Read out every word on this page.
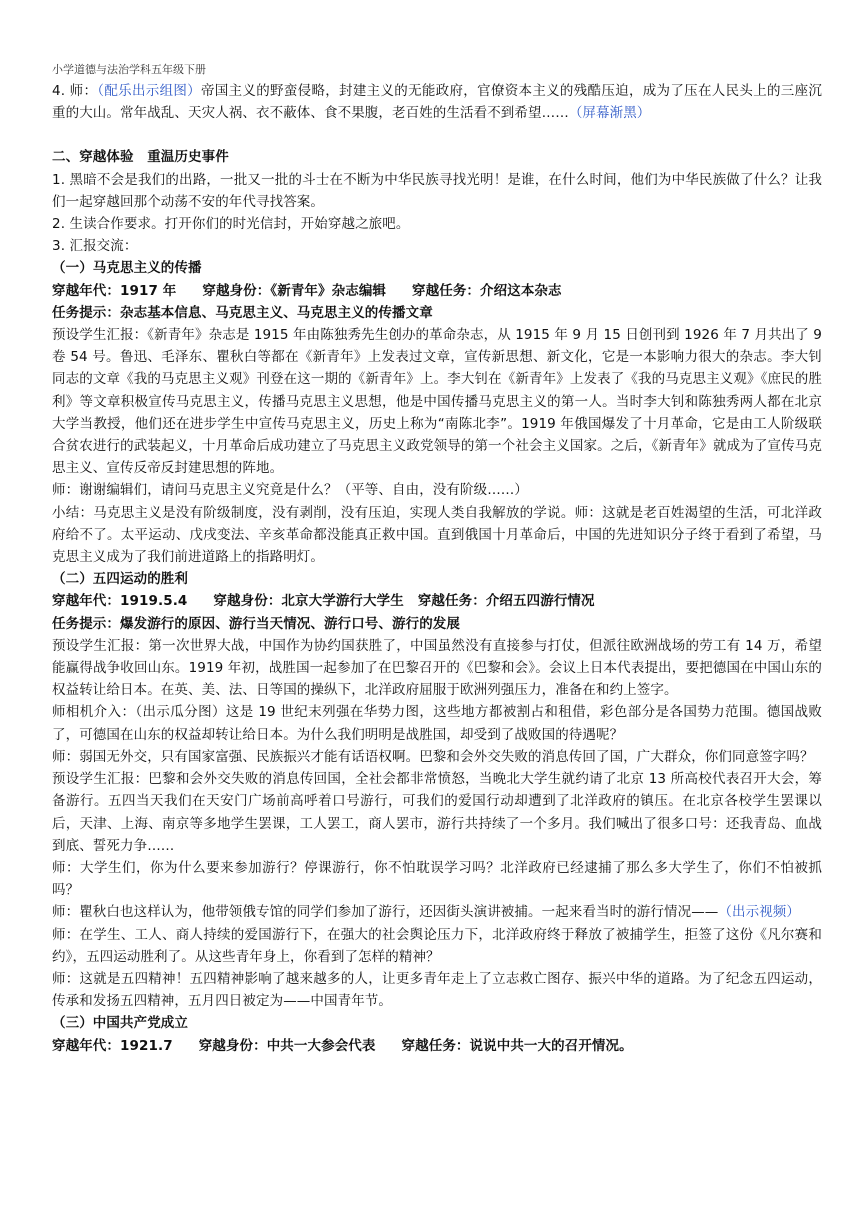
小学道德与法治学科五年级下册

4. 师：（配乐出示组图）帝国主义的野蛮侵略，封建主义的无能政府，官僚资本主义的残酷压迫，成为了压在人民头上的三座沉重的大山。常年战乱、天灾人祸、衣不蔽体、食不果腹，老百姓的生活看不到希望……（屏幕渐黑）

二、穿越体验　重温历史事件

1. 黑暗不会是我们的出路，一批又一批的斗士在不断为中华民族寻找光明！是谁，在什么时间，他们为中华民族做了什么？让我们一起穿越回那个动荡不安的年代寻找答案。

2. 生读合作要求。打开你们的时光信封，开始穿越之旅吧。

3. 汇报交流：

（一）马克思主义的传播

穿越年代：1917 年 穿越身份：《新青年》杂志编辑 穿越任务：介绍这本杂志

任务提示：杂志基本信息、马克思主义、马克思主义的传播文章

预设学生汇报：《新青年》杂志是 1915 年由陈独秀先生创办的革命杂志，从 1915 年 9 月 15 日创刊到 1926 年 7 月共出了 9 卷 54 号。鲁迅、毛泽东、瞿秋白等都在《新青年》上发表过文章，宣传新思想、新文化，它是一本影响力很大的杂志。李大钊同志的文章《我的马克思主义观》刊登在这一期的《新青年》上。李大钊在《新青年》上发表了《我的马克思主义观》《庶民的胜利》等文章积极宣传马克思主义，传播马克思主义思想，他是中国传播马克思主义的第一人。当时李大钊和陈独秀两人都在北京大学当教授，他们还在进步学生中宣传马克思主义，历史上称为“南陈北李”。1919 年俄国爆发了十月革命，它是由工人阶级联合贫农进行的武装起义，十月革命后成功建立了马克思主义政党领导的第一个社会主义国家。之后，《新青年》就成为了宣传马克思主义、宣传反帝反封建思想的阵地。

师：谢谢编辑们，请问马克思主义究竟是什么？（平等、自由，没有阶级……）

小结：马克思主义是没有阶级制度，没有剥削，没有压迫，实现人类自我解放的学说。师：这就是老百姓渴望的生活，可北洋政府给不了。太平运动、戊戌变法、辛亥革命都没能真正救中国。直到俄国十月革命后，中国的先进知识分子终于看到了希望，马克思主义成为了我们前进道路上的指路明灯。

（二）五四运动的胜利

穿越年代：1919.5.4 穿越身份：北京大学游行大学生 穿越任务：介绍五四游行情况

任务提示：爆发游行的原因、游行当天情况、游行口号、游行的发展

预设学生汇报：第一次世界大战，中国作为协约国获胜了，中国虽然没有直接参与打仗，但派往欧洲战场的劳工有 14 万，希望能赢得战争收回山东。1919 年初，战胜国一起参加了在巴黎召开的《巴黎和会》。会议上日本代表提出，要把德国在中国山东的权益转让给日本。在英、美、法、日等国的操纵下，北洋政府屈服于欧洲列强压力，准备在和约上签字。

师相机介入：（出示瓜分图）这是 19 世纪末列强在华势力图，这些地方都被割占和租借，彩色部分是各国势力范围。德国战败了，可德国在山东的权益却转让给日本。为什么我们明明是战胜国，却受到了战败国的待遇呢？

师：弱国无外交，只有国家富强、民族振兴才能有话语权啊。巴黎和会外交失败的消息传回了国，广大群众，你们同意签字吗？

预设学生汇报：巴黎和会外交失败的消息传回国，全社会都非常愤怒，当晚北大学生就约请了北京 13 所高校代表召开大会，筹备游行。五四当天我们在天安门广场前高呼着口号游行，可我们的爱国行动却遭到了北洋政府的镇压。在北京各校学生罢课以后，天津、上海、南京等多地学生罢课，工人罢工，商人罢市，游行共持续了一个多月。我们喊出了很多口号：还我青岛、血战到底、誓死力争……

师：大学生们，你为什么要来参加游行？停课游行，你不怕耽误学习吗？北洋政府已经逮捕了那么多大学生了，你们不怕被抓吗？

师：瞿秋白也这样认为，他带领俄专馆的同学们参加了游行，还因街头演讲被捕。一起来看当时的游行情况——（出示视频）

师：在学生、工人、商人持续的爱国游行下，在强大的社会舆论压力下，北洋政府终于释放了被捕学生，拒签了这份《凡尔赛和约》，五四运动胜利了。从这些青年身上，你看到了怎样的精神？

师：这就是五四精神！五四精神影响了越来越多的人，让更多青年走上了立志救亡图存、振兴中华的道路。为了纪念五四运动，传承和发扬五四精神，五月四日被定为——中国青年节。

（三）中国共产党成立

穿越年代：1921.7 穿越身份：中共一大参会代表 穿越任务：说说中共一大的召开情况。
